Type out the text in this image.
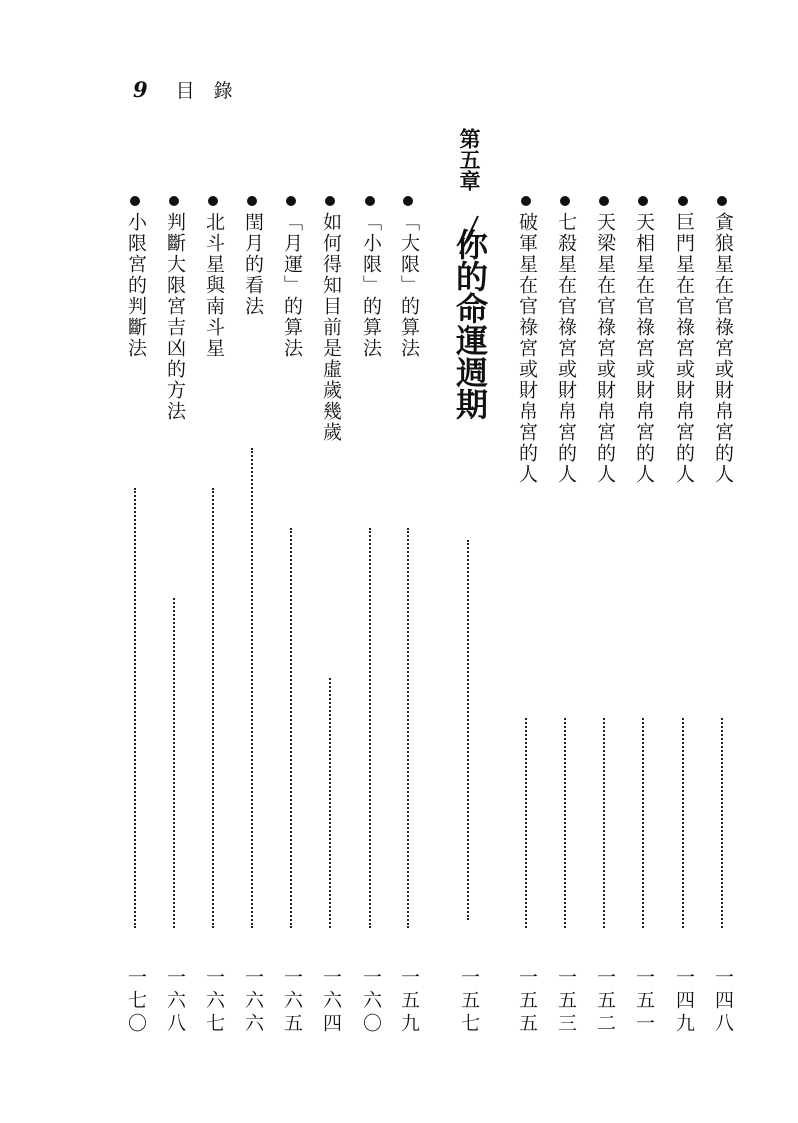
9 目　錄
貪狼星在官祿宮或財帛宮的人
一四八
巨門星在官祿宮或財帛宮的人
一四九
天相星在官祿宮或財帛宮的人
一五一
天梁星在官祿宮或財帛宮的人
一五二
七殺星在官祿宮或財帛宮的人
一五三
破軍星在官祿宮或財帛宮的人
一五五
第五章
你的命運週期
一五七
「大限」的算法
一五九
「小限」的算法
一六〇
如何得知目前是虛歲幾歲
一六四
「月運」的算法
一六五
閏月的看法
一六六
北斗星與南斗星
一六七
判斷大限宮吉凶的方法
一六八
小限宮的判斷法
一七〇
